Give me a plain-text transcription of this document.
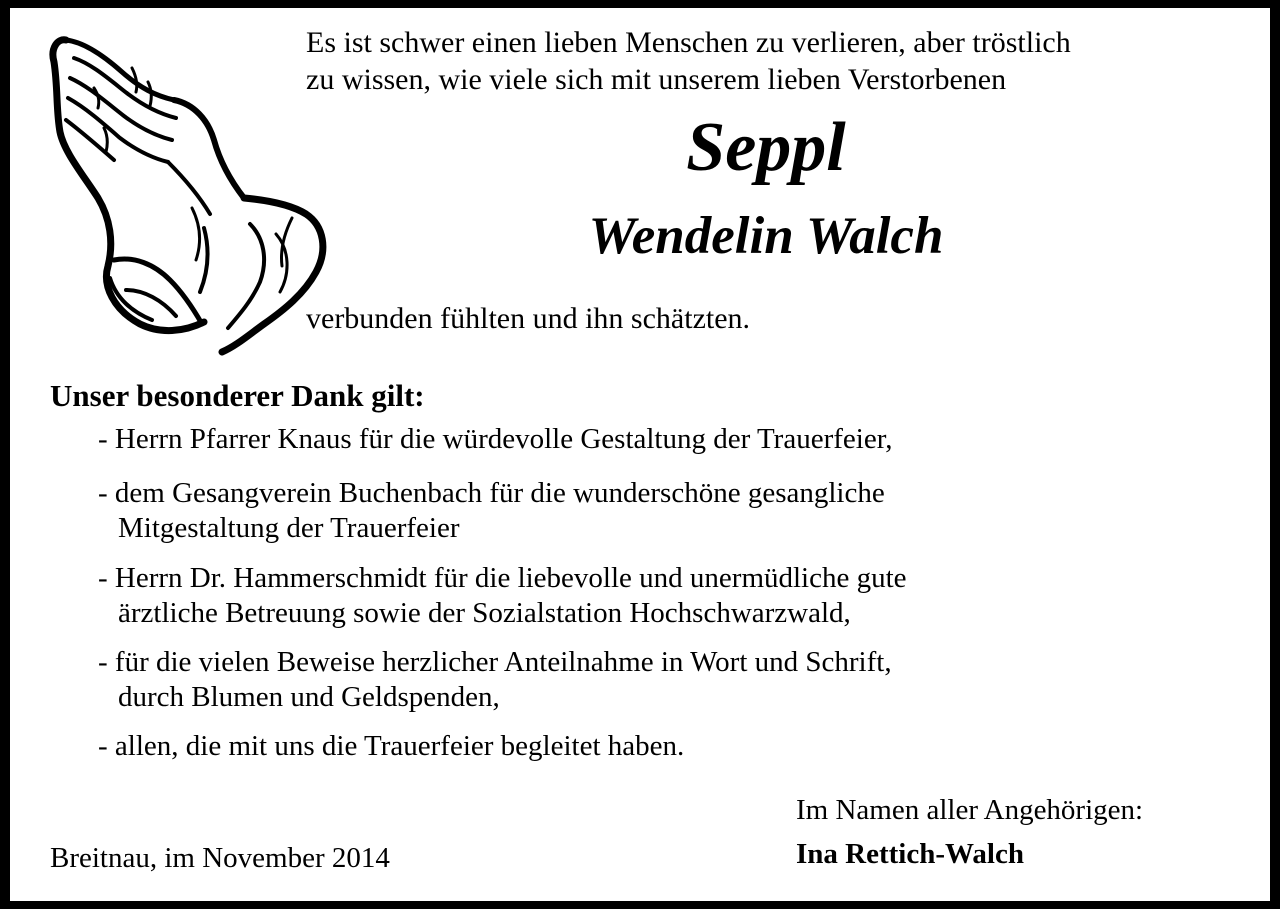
Es ist schwer einen lieben Menschen zu verlieren, aber tröstlich
zu wissen, wie viele sich mit unserem lieben Verstorbenen
Seppl
Wendelin Walch
verbunden fühlten und ihn schätzten.
Unser besonderer Dank gilt:
- Herrn Pfarrer Knaus für die würdevolle Gestaltung der Trauerfeier,
- dem Gesangverein Buchenbach für die wunderschöne gesangliche
Mitgestaltung der Trauerfeier
- Herrn Dr. Hammerschmidt für die liebevolle und unermüdliche gute
ärztliche Betreuung sowie der Sozialstation Hochschwarzwald,
- für die vielen Beweise herzlicher Anteilnahme in Wort und Schrift,
durch Blumen und Geldspenden,
- allen, die mit uns die Trauerfeier begleitet haben.
Im Namen aller Angehörigen:
Breitnau, im November 2014	Ina Rettich-Walch
